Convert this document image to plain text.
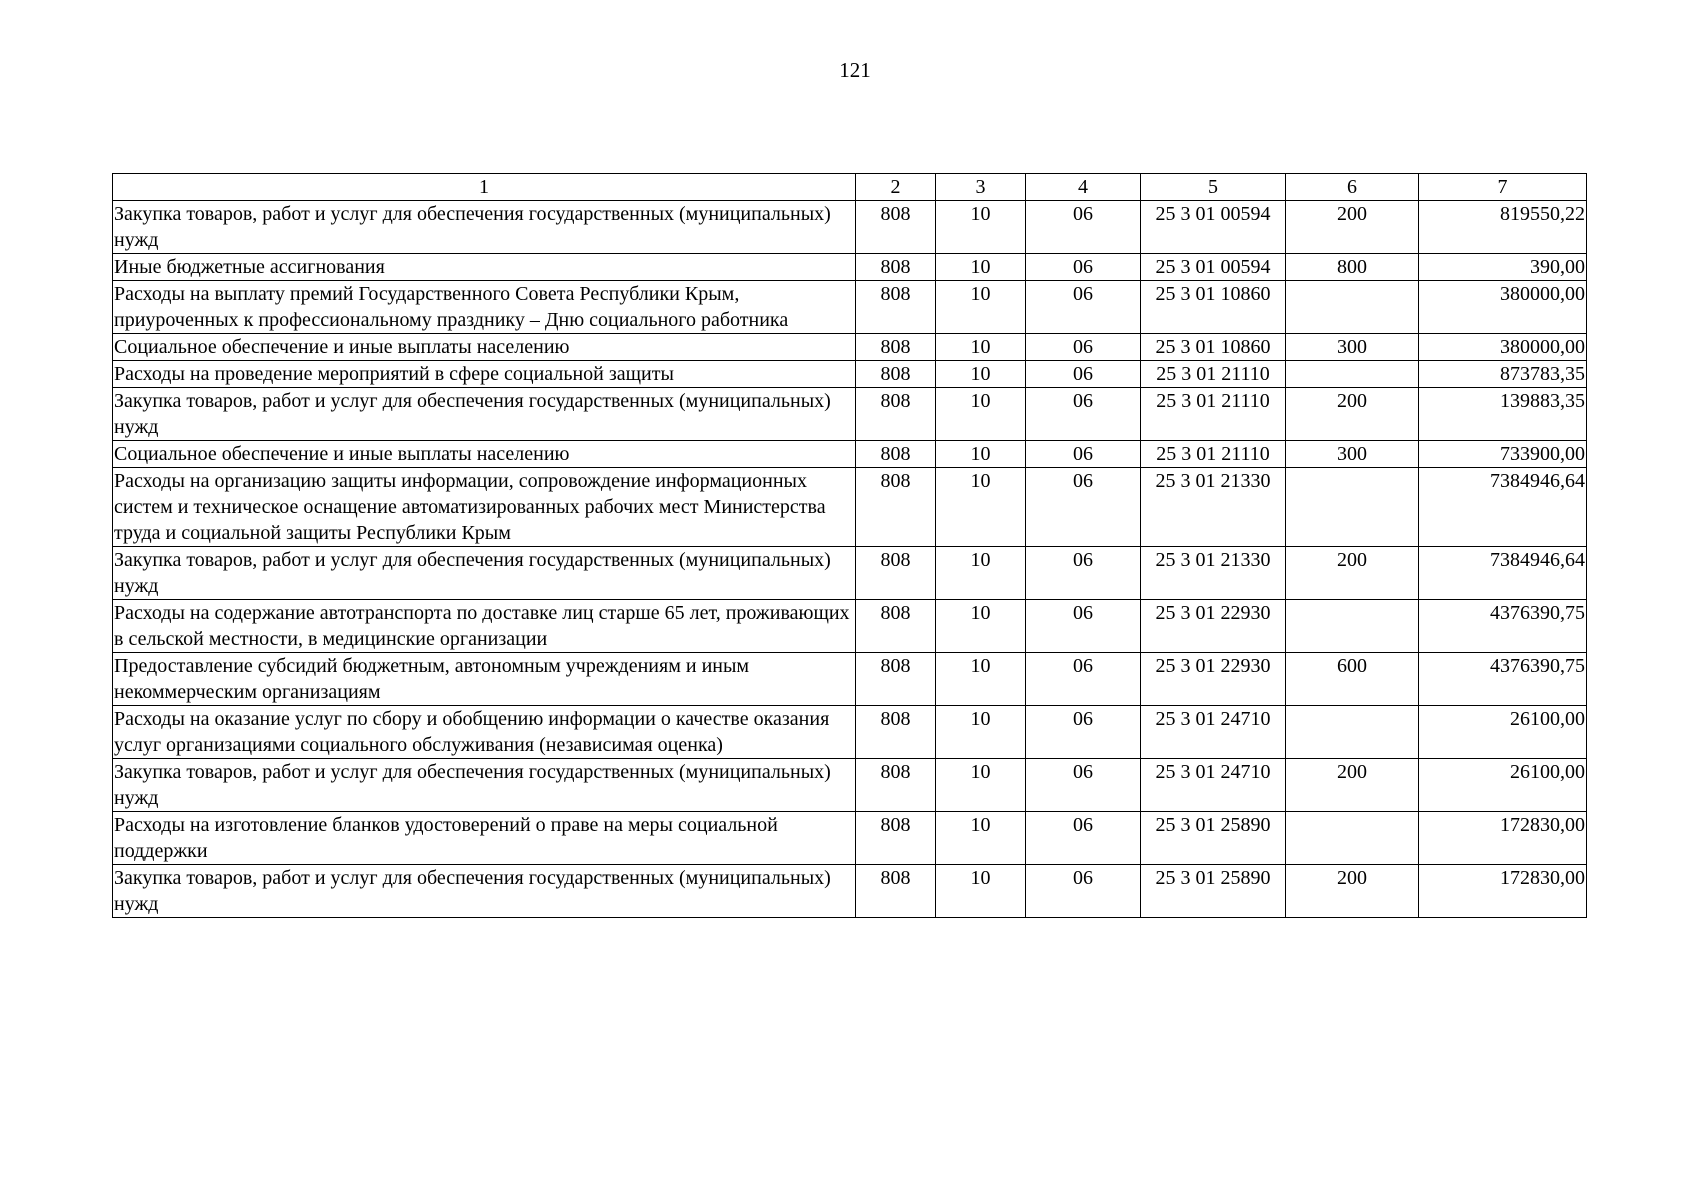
121
1	2	3	4	5	6	7
Закупка товаров, работ и услуг для обеспечения государственных (муниципальных) нужд	808	10	06	25 3 01 00594	200	819550,22
Иные бюджетные ассигнования	808	10	06	25 3 01 00594	800	390,00
Расходы на выплату премий Государственного Совета Республики Крым, приуроченных к профессиональному празднику – Дню социального работника	808	10	06	25 3 01 10860		380000,00
Социальное обеспечение и иные выплаты населению	808	10	06	25 3 01 10860	300	380000,00
Расходы на проведение мероприятий в сфере социальной защиты	808	10	06	25 3 01 21110		873783,35
Закупка товаров, работ и услуг для обеспечения государственных (муниципальных) нужд	808	10	06	25 3 01 21110	200	139883,35
Социальное обеспечение и иные выплаты населению	808	10	06	25 3 01 21110	300	733900,00
Расходы на организацию защиты информации, сопровождение информационных систем и техническое оснащение автоматизированных рабочих мест Министерства труда и социальной защиты Республики Крым	808	10	06	25 3 01 21330		7384946,64
Закупка товаров, работ и услуг для обеспечения государственных (муниципальных) нужд	808	10	06	25 3 01 21330	200	7384946,64
Расходы на содержание автотранспорта по доставке лиц старше 65 лет, проживающих в сельской местности, в медицинские организации	808	10	06	25 3 01 22930		4376390,75
Предоставление субсидий бюджетным, автономным учреждениям и иным некоммерческим организациям	808	10	06	25 3 01 22930	600	4376390,75
Расходы на оказание услуг по сбору и обобщению информации о качестве оказания услуг организациями социального обслуживания (независимая оценка)	808	10	06	25 3 01 24710		26100,00
Закупка товаров, работ и услуг для обеспечения государственных (муниципальных) нужд	808	10	06	25 3 01 24710	200	26100,00
Расходы на изготовление бланков удостоверений о праве на меры социальной поддержки	808	10	06	25 3 01 25890		172830,00
Закупка товаров, работ и услуг для обеспечения государственных (муниципальных) нужд	808	10	06	25 3 01 25890	200	172830,00
